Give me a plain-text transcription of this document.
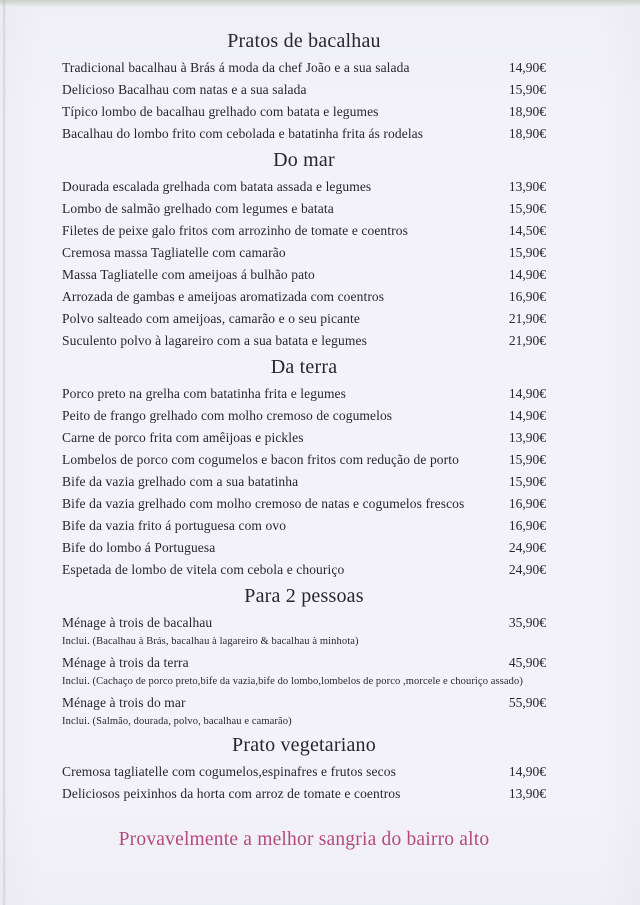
Pratos de bacalhau
Tradicional bacalhau à Brás á moda da chef João e a sua salada	14,90€
Delicioso Bacalhau com natas e a sua salada	15,90€
Típico lombo de bacalhau grelhado com batata e legumes	18,90€
Bacalhau do lombo frito com cebolada e batatinha frita ás rodelas	18,90€
Do mar
Dourada escalada grelhada com batata assada e legumes	13,90€
Lombo de salmão grelhado com legumes e batata	15,90€
Filetes de peixe galo fritos com arrozinho de tomate e coentros	14,50€
Cremosa massa Tagliatelle com camarão	15,90€
Massa Tagliatelle com ameijoas á bulhão pato	14,90€
Arrozada de gambas e ameijoas aromatizada com coentros	16,90€
Polvo salteado com ameijoas, camarão e o seu picante	21,90€
Suculento polvo à lagareiro com a sua batata e legumes	21,90€
Da terra
Porco preto na grelha com batatinha frita e legumes	14,90€
Peito de frango grelhado com molho cremoso de cogumelos	14,90€
Carne de porco frita com amêijoas e pickles	13,90€
Lombelos de porco com cogumelos e bacon fritos com redução de porto	15,90€
Bife da vazia grelhado com a sua batatinha	15,90€
Bife da vazia grelhado com molho cremoso de natas e cogumelos frescos	16,90€
Bife da vazia frito á portuguesa com ovo	16,90€
Bife do lombo á Portuguesa	24,90€
Espetada de lombo de vitela com cebola e chouriço	24,90€
Para 2 pessoas
Ménage à trois de bacalhau	35,90€
Inclui. (Bacalhau à Brás, bacalhau à lagareiro & bacalhau à minhota)
Ménage à trois da terra	45,90€
Inclui. (Cachaço de porco preto,bife da vazia,bife do lombo,lombelos de porco ,morcele e chouriço assado)
Ménage à trois do mar	55,90€
Inclui. (Salmão, dourada, polvo, bacalhau e camarão)
Prato vegetariano
Cremosa tagliatelle com cogumelos,espinafres e frutos secos	14,90€
Deliciosos peixinhos da horta com arroz de tomate e coentros	13,90€
Provavelmente a melhor sangria do bairro alto
